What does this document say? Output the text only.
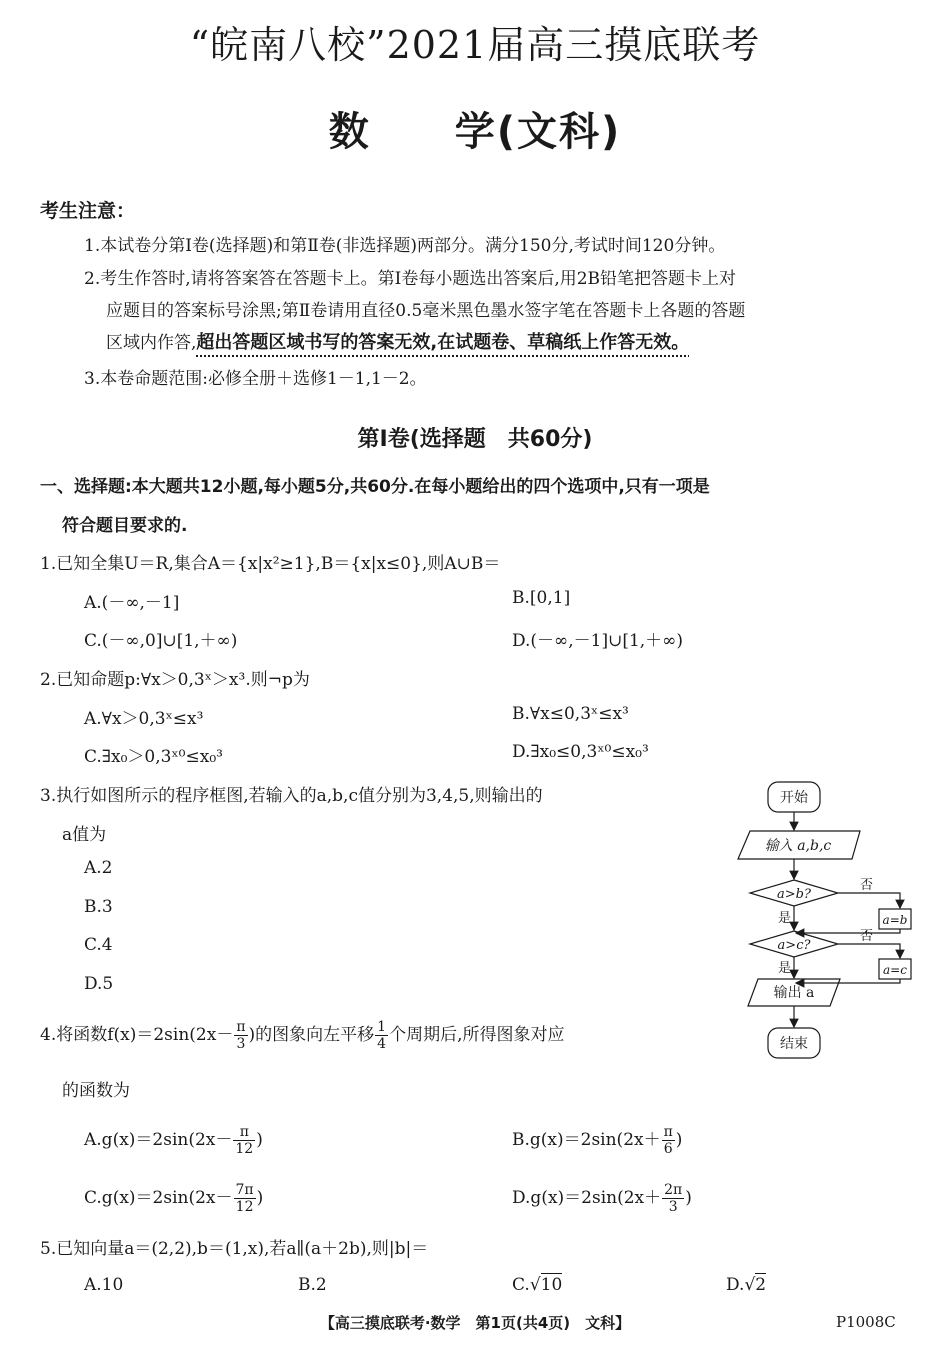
“皖南八校”2021届高三摸底联考
数　　学(文科)
考生注意：
1.本试卷分第Ⅰ卷(选择题)和第Ⅱ卷(非选择题)两部分。满分150分,考试时间120分钟。
2.考生作答时,请将答案答在答题卡上。第Ⅰ卷每小题选出答案后,用2B铅笔把答题卡上对
应题目的答案标号涂黑;第Ⅱ卷请用直径0.5毫米黑色墨水签字笔在答题卡上各题的答题
区域内作答,超出答题区域书写的答案无效,在试题卷、草稿纸上作答无效。
3.本卷命题范围:必修全册＋选修1－1,1－2。
第Ⅰ卷(选择题　共60分)
一、选择题:本大题共12小题,每小题5分,共60分.在每小题给出的四个选项中,只有一项是
符合题目要求的.
1.已知全集U＝R,集合A＝{x|x²≥1},B＝{x|x≤0},则A∪B＝
A.(－∞,－1]	B.[0,1]
C.(－∞,0]∪[1,＋∞)	D.(－∞,－1]∪[1,＋∞)
2.已知命题p:∀x＞0,3ˣ＞x³.则¬p为
A.∀x＞0,3ˣ≤x³	B.∀x≤0,3ˣ≤x³
C.∃x₀＞0,3ˣ⁰≤x₀³	D.∃x₀≤0,3ˣ⁰≤x₀³
3.执行如图所示的程序框图,若输入的a,b,c值分别为3,4,5,则输出的
a值为
A.2
B.3
C.4
D.5
开始
输入 a,b,c
a>b?
否
a=b
是
a>c?
否
a=c
是
输出 a
结束
4.将函数$f(x)=2\sin(2x- \frac{\pi}{3}$ )的图象向左平移 $\frac{1}{4}$ 个周期后,所得图象对应
的函数为
$A.g(x)=2\sin(2x- \frac{\pi}{12}$ )	$B.g(x)=2\sin(2x+ \frac{\pi}{6}$ )
$C.g(x)=2\sin(2x- \frac{7\pi}{12}$ )	$D.g(x)=2\sin(2x+ \frac{2\pi}{3}$ )
5.已知向量a＝(2,2),b＝(1,x),若a∥(a＋2b),则|b|＝
A.10	B.2	C.√10	D.√2
【高三摸底联考·数学　第1页(共4页)　文科】	P1008C
